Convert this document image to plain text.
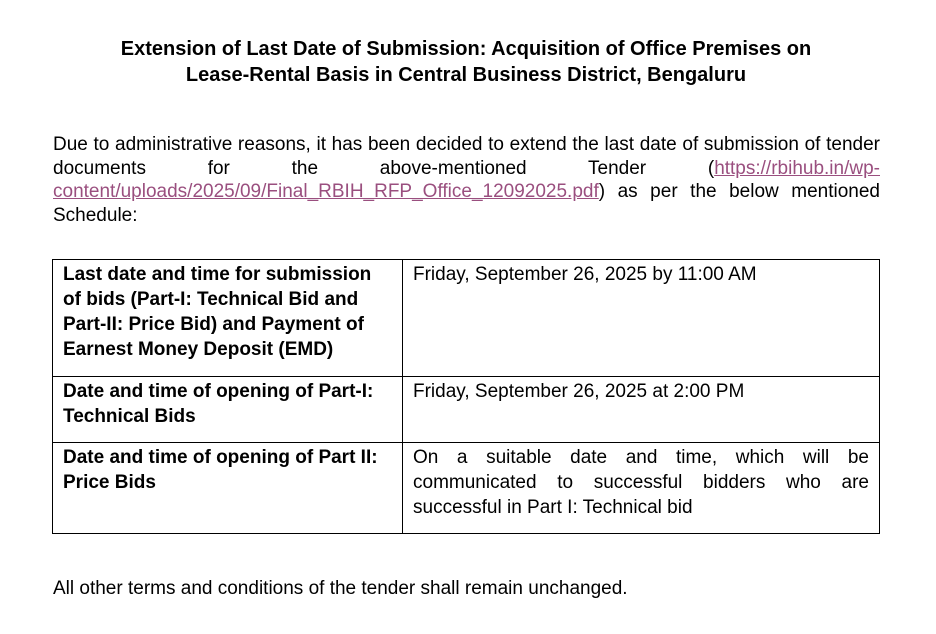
Extension of Last Date of Submission: Acquisition of Office Premises on
Lease-Rental Basis in Central Business District, Bengaluru

Due to administrative reasons, it has been decided to extend the last date of submission of tender documents for the above-mentioned Tender (https://rbihub.in/wp-content/uploads/2025/09/Final_RBIH_RFP_Office_12092025.pdf) as per the below mentioned Schedule:

Last date and time for submission of bids (Part-I: Technical Bid and Part-II: Price Bid) and Payment of Earnest Money Deposit (EMD)	Friday, September 26, 2025 by 11:00 AM
Date and time of opening of Part-I: Technical Bids	Friday, September 26, 2025 at 2:00 PM
Date and time of opening of Part II: Price Bids	On a suitable date and time, which will be communicated to successful bidders who are successful in Part I: Technical bid

All other terms and conditions of the tender shall remain unchanged.
